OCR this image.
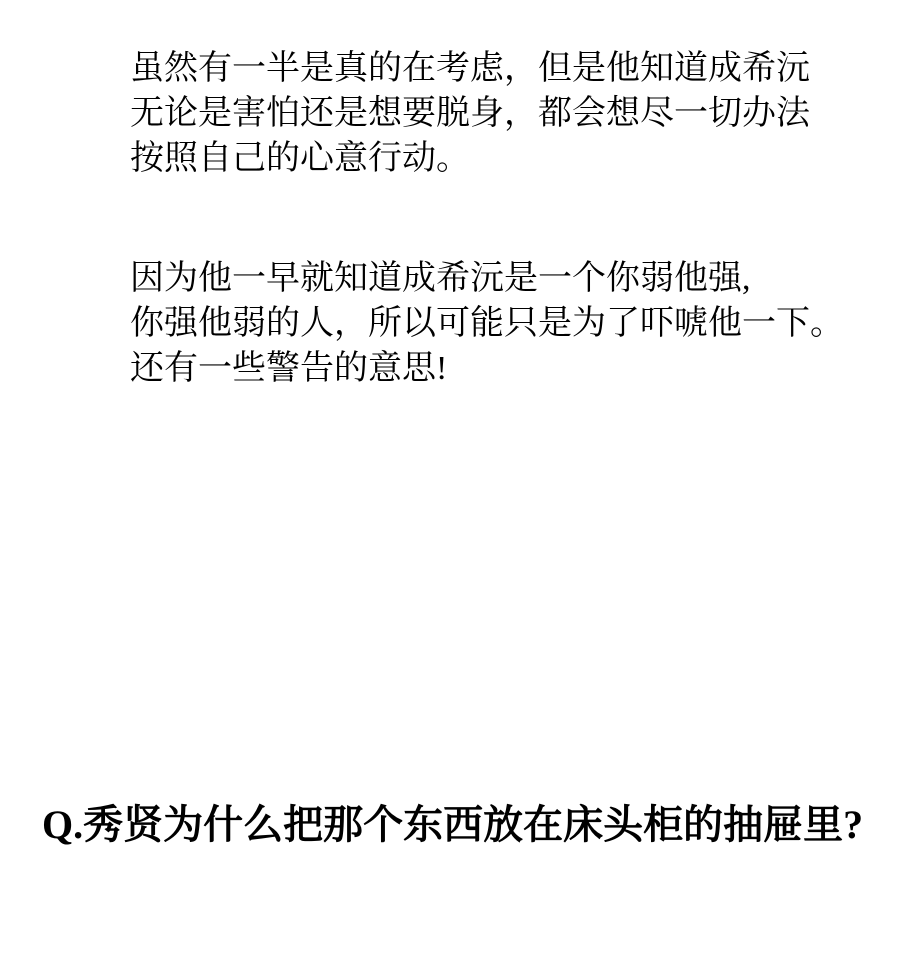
虽然有一半是真的在考虑，但是他知道成希沅
无论是害怕还是想要脱身，都会想尽一切办法
按照自己的心意行动。
因为他一早就知道成希沅是一个你弱他强,
你强他弱的人，所以可能只是为了吓唬他一下。
还有一些警告的意思!
Q.秀贤为什么把那个东西放在床头柜的抽屉里?
